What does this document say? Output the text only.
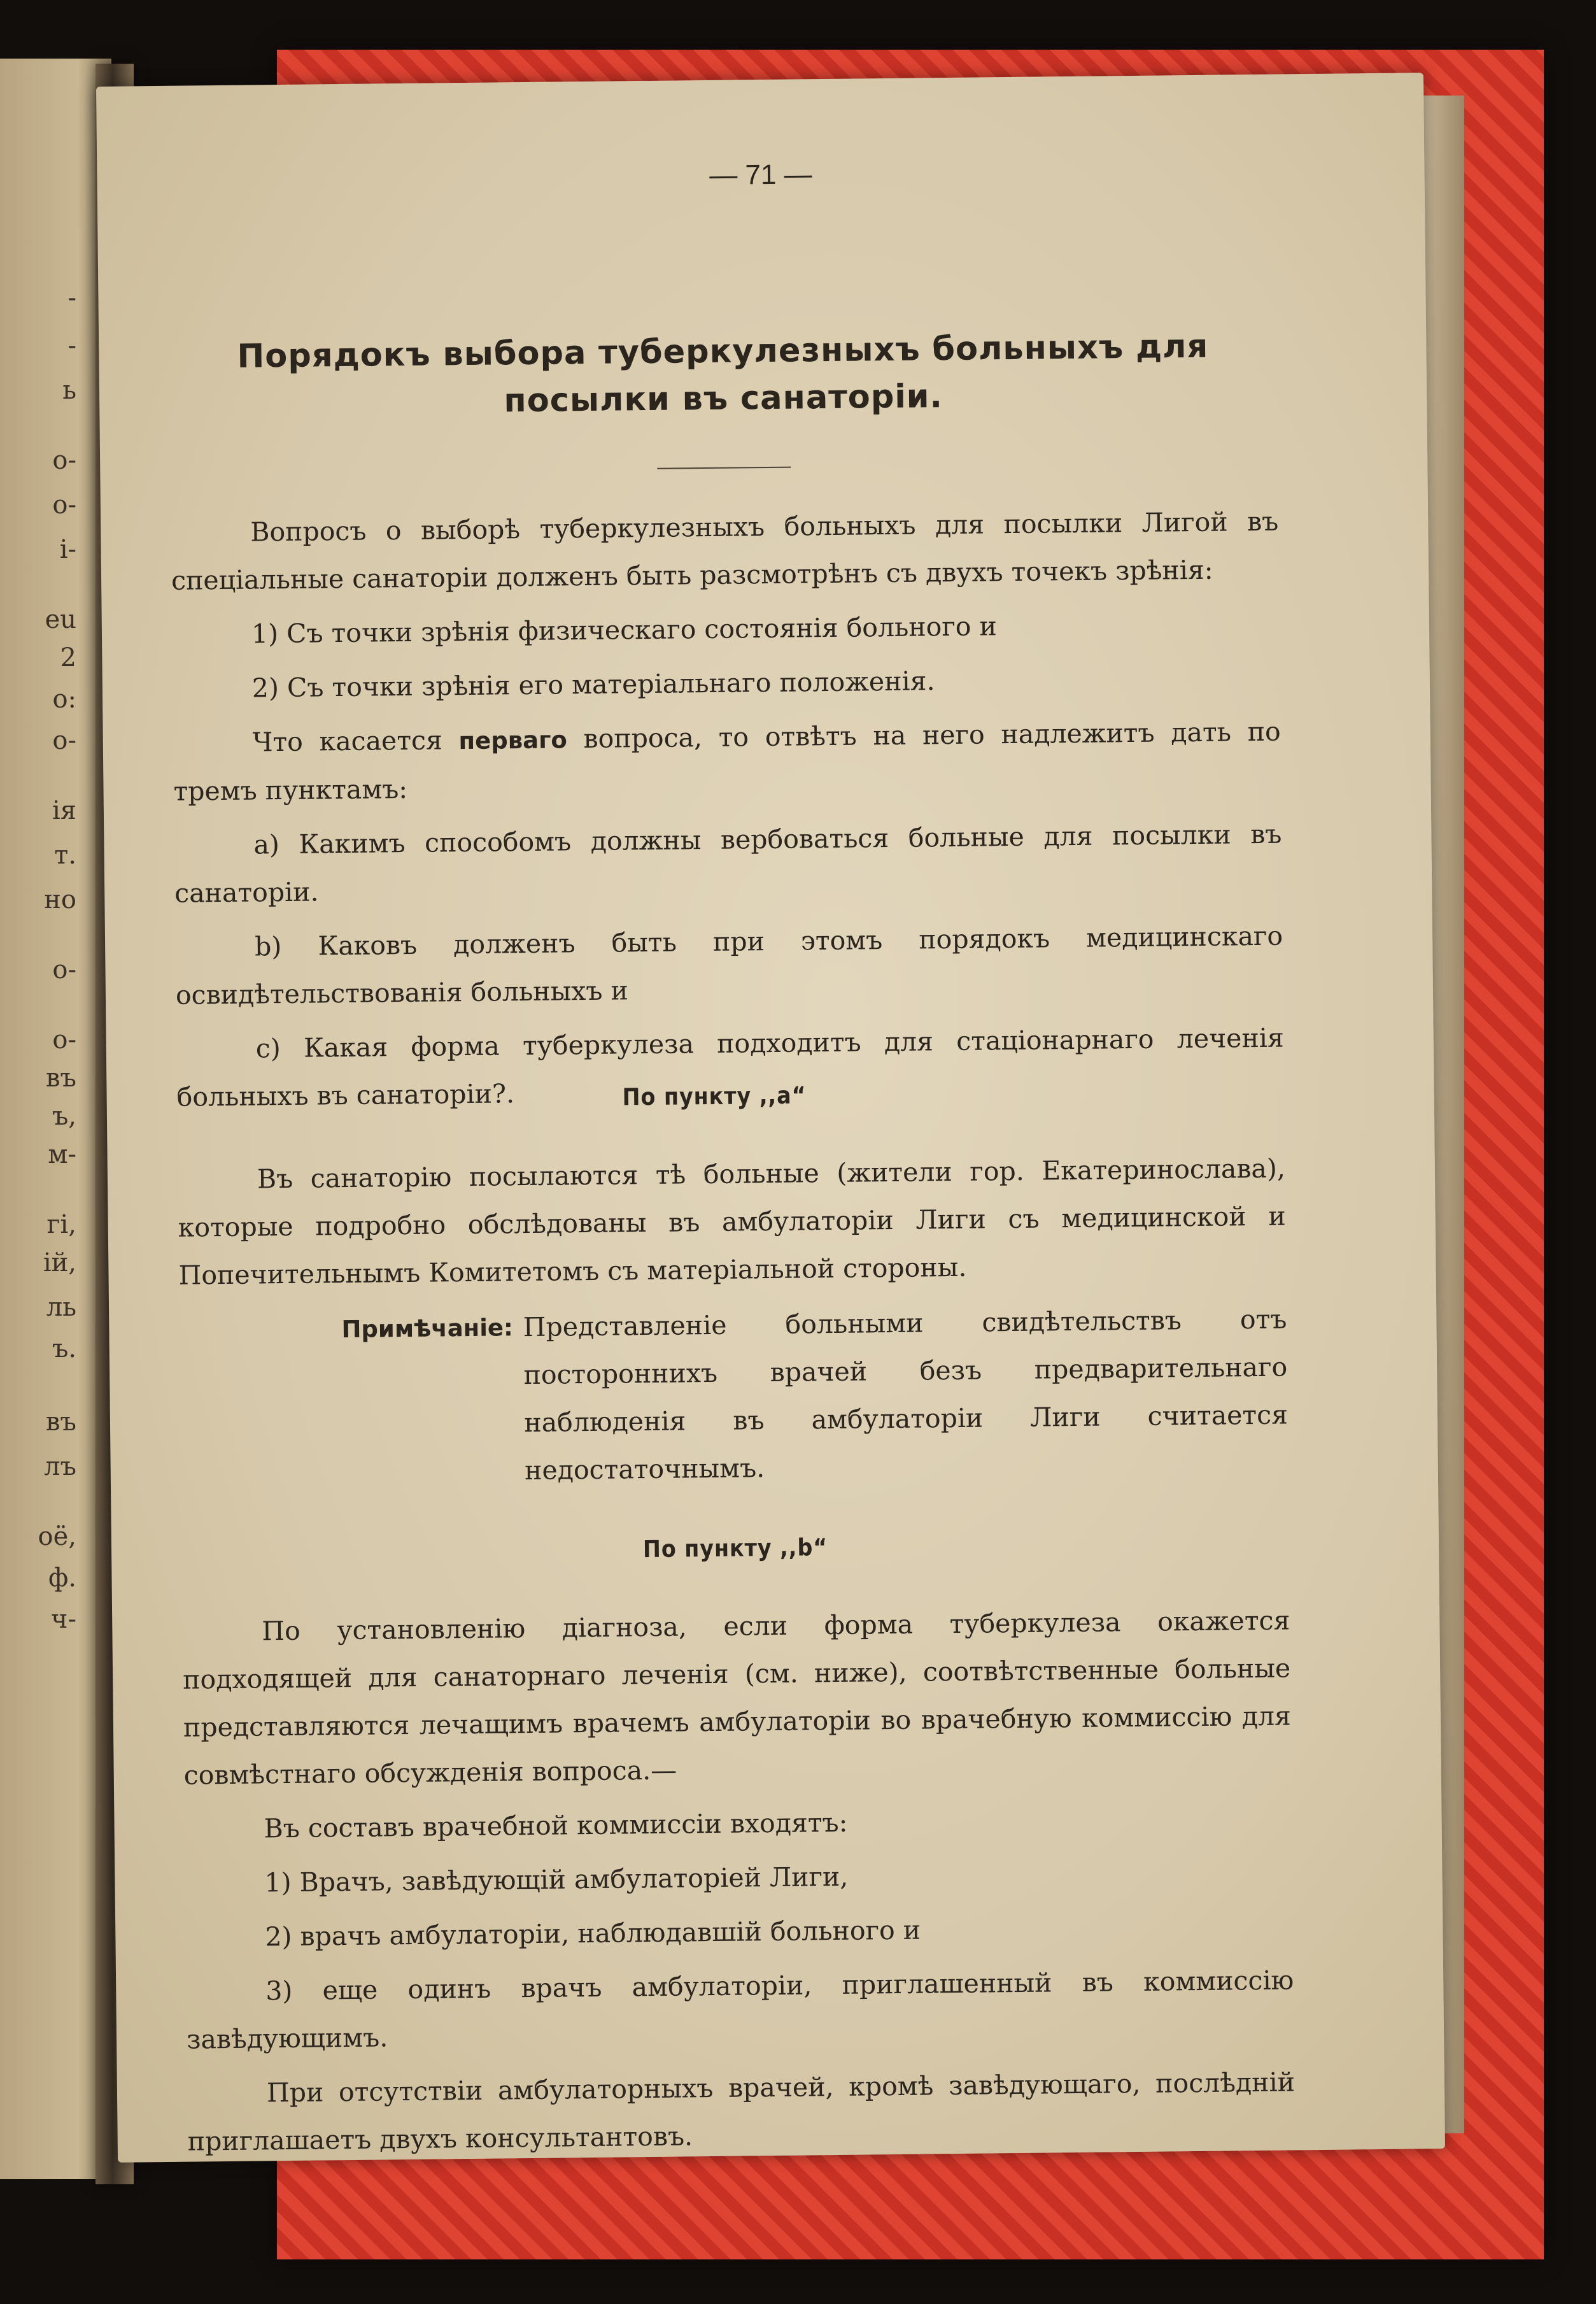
-
-
ь
о-
о-
і-
eu
2
о:
о-
ія
т.
но
о-
о-
въ
ъ,
м-
гі,
ій,
ль
ъ.
въ
лъ
оё,
ф.
ч-
— 71 —
Порядокъ выбора туберкулезныхъ больныхъ для посылки въ санаторіи.

Вопросъ о выборѣ туберкулезныхъ больныхъ для посылки Лигой въ спеціальные санаторіи долженъ быть разсмотрѣнъ съ двухъ точекъ зрѣнія:

1) Съ точки зрѣнія физическаго состоянія больного и

2) Съ точки зрѣнія его матеріальнаго положенія.

Что касается перваго вопроса, то отвѣтъ на него надлежитъ дать по тремъ пунктамъ:

a) Какимъ способомъ должны вербоваться больные для посылки въ санаторіи.

b) Каковъ долженъ быть при этомъ порядокъ медицинскаго освидѣтельствованія больныхъ и

c) Какая форма туберкулеза подходитъ для стаціонарнаго леченія больныхъ въ санаторіи?.	По пункту ,,а“

Въ санаторію посылаются тѣ больные (жители гор. Екатеринослава), которые подробно обслѣдованы въ амбулаторіи Лиги съ медицинской и Попечительнымъ Комитетомъ съ матеріальной стороны.

Примѣчаніе: Представленіе больными свидѣтельствъ отъ постороннихъ врачей безъ предварительнаго наблюденія въ амбулаторіи Лиги считается недостаточнымъ.
По пункту ,,b“

По установленію діагноза, если форма туберкулеза окажется подходящей для санаторнаго леченія (см. ниже), соотвѣтственные больные представляются лечащимъ врачемъ амбулаторіи во врачебную коммиссію для совмѣстнаго обсужденія вопроса.—

Въ составъ врачебной коммиссіи входятъ:

1) Врачъ, завѣдующій амбулаторіей Лиги,

2) врачъ амбулаторіи, наблюдавшій больного и

3) еще одинъ врачъ амбулаторіи, приглашенный въ коммиссію завѣдующимъ.

При отсутствіи амбулаторныхъ врачей, кромѣ завѣдующаго, послѣдній приглашаетъ двухъ консультантовъ.
